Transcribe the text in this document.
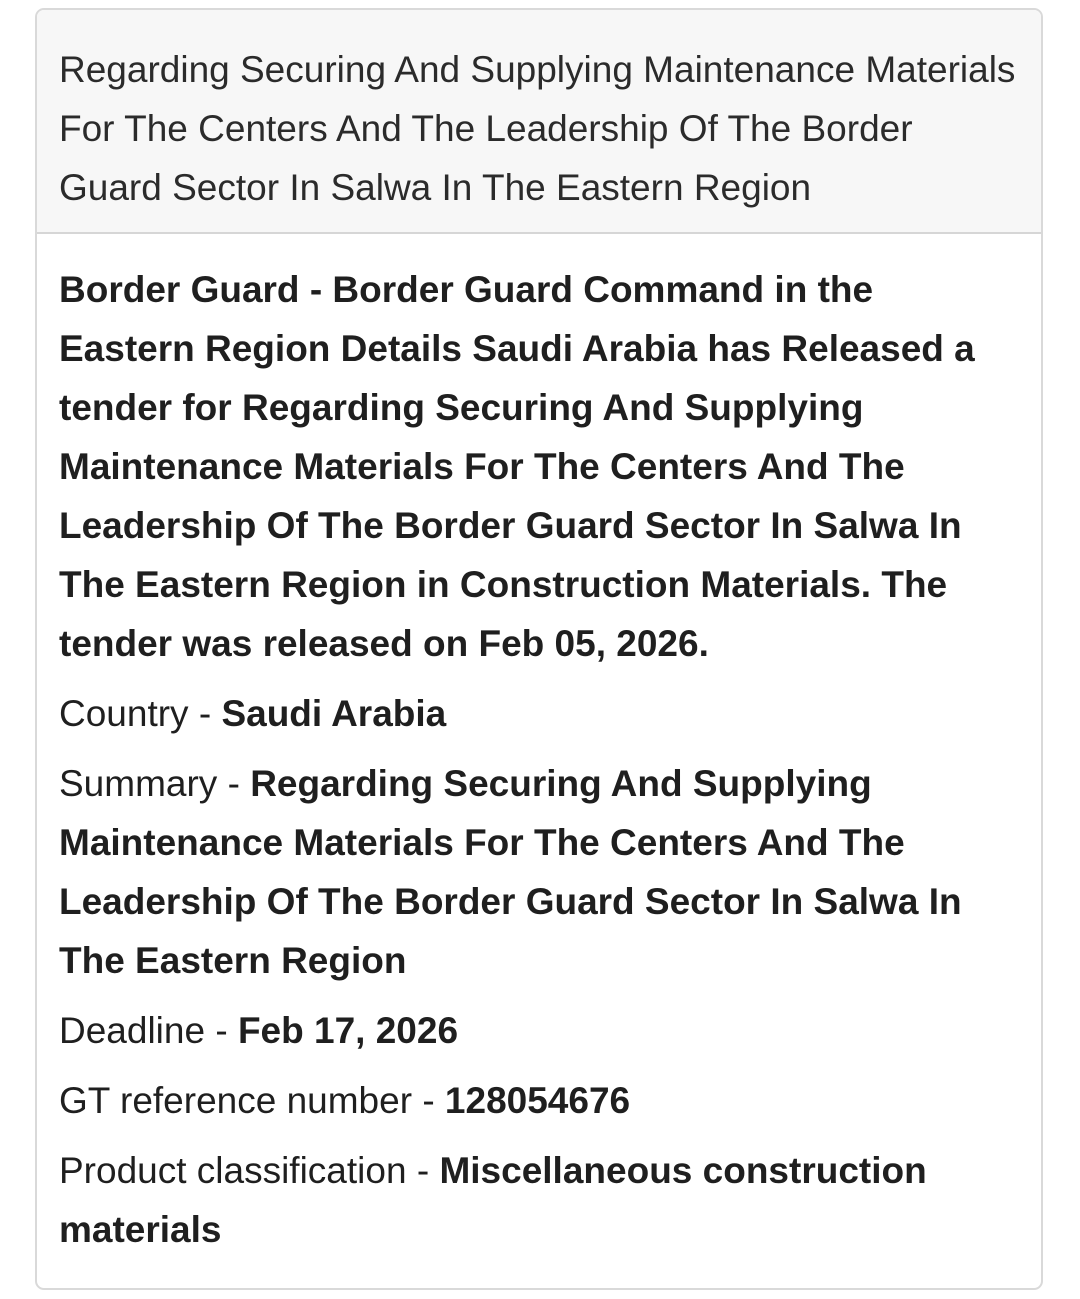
Regarding Securing And Supplying Maintenance Materials For The Centers And The Leadership Of The Border Guard Sector In Salwa In The Eastern Region
Border Guard - Border Guard Command in the Eastern Region Details Saudi Arabia has Released a tender for Regarding Securing And Supplying Maintenance Materials For The Centers And The Leadership Of The Border Guard Sector In Salwa In The Eastern Region in Construction Materials. The tender was released on Feb 05, 2026.
Country - Saudi Arabia
Summary - Regarding Securing And Supplying Maintenance Materials For The Centers And The Leadership Of The Border Guard Sector In Salwa In The Eastern Region
Deadline - Feb 17, 2026
GT reference number - 128054676
Product classification - Miscellaneous construction materials
